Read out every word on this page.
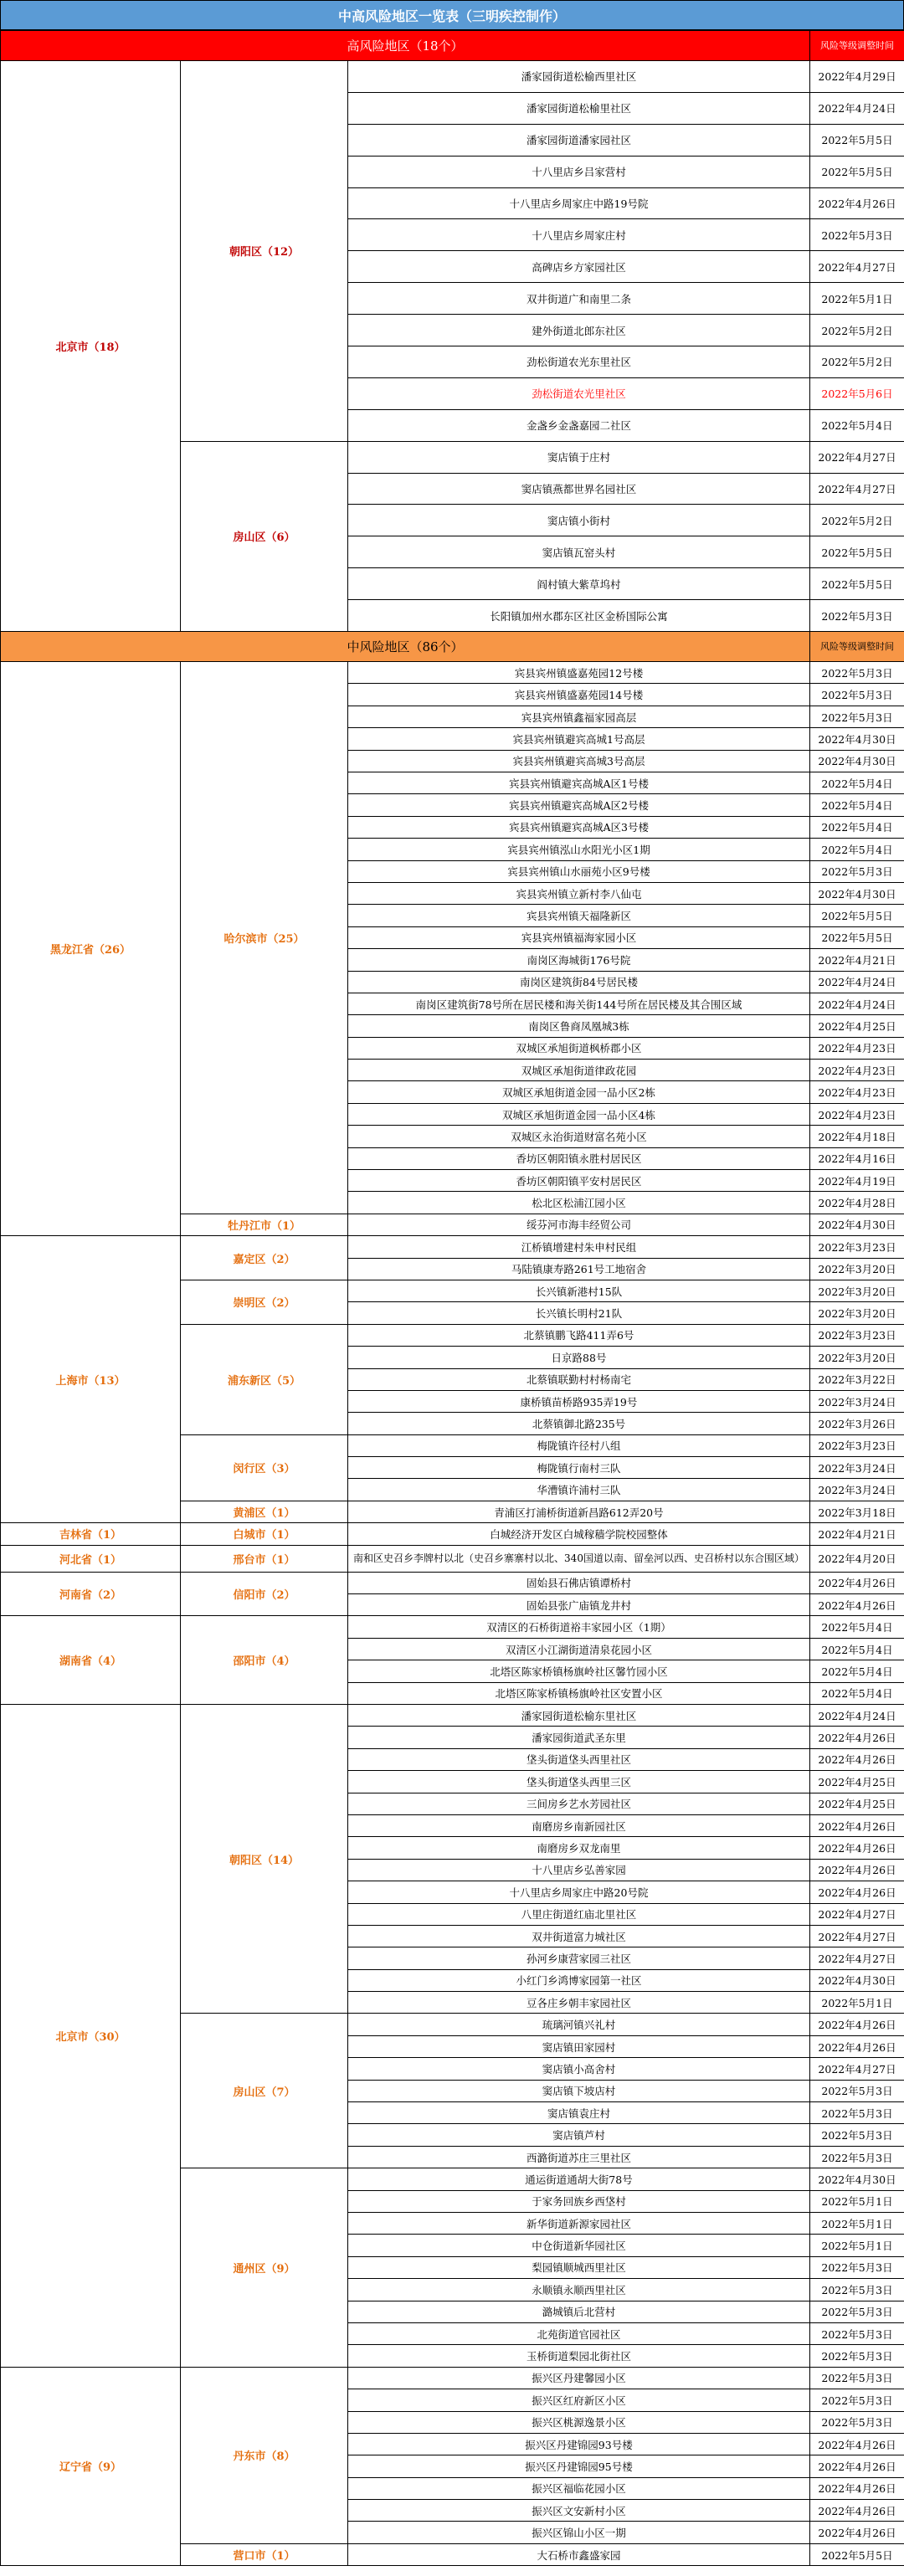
中高风险地区一览表（三明疾控制作）
高风险地区（18个）			风险等级调整时间
北京市（18）	朝阳区（12）	潘家园街道松榆西里社区	2022年4月29日
		潘家园街道松榆里社区	2022年4月24日
		潘家园街道潘家园社区	2022年5月5日
		十八里店乡吕家营村	2022年5月5日
		十八里店乡周家庄中路19号院	2022年4月26日
		十八里店乡周家庄村	2022年5月3日
		高碑店乡方家园社区	2022年4月27日
		双井街道广和南里二条	2022年5月1日
		建外街道北郎东社区	2022年5月2日
		劲松街道农光东里社区	2022年5月2日
		劲松街道农光里社区	2022年5月6日
		金盏乡金盏嘉园二社区	2022年5月4日
	房山区（6）	窦店镇于庄村	2022年4月27日
		窦店镇燕都世界名园社区	2022年4月27日
		窦店镇小街村	2022年5月2日
		窦店镇瓦窑头村	2022年5月5日
		阎村镇大紫草坞村	2022年5月5日
		长阳镇加州水郡东区社区金桥国际公寓	2022年5月3日
中风险地区（86个）			风险等级调整时间
黑龙江省（26）	哈尔滨市（25）	宾县宾州镇盛嘉苑园12号楼	2022年5月3日
		宾县宾州镇盛嘉苑园14号楼	2022年5月3日
		宾县宾州镇鑫福家园高层	2022年5月3日
		宾县宾州镇避宾高城1号高层	2022年4月30日
		宾县宾州镇避宾高城3号高层	2022年4月30日
		宾县宾州镇避宾高城A区1号楼	2022年5月4日
		宾县宾州镇避宾高城A区2号楼	2022年5月4日
		宾县宾州镇避宾高城A区3号楼	2022年5月4日
		宾县宾州镇泓山水阳光小区1期	2022年5月4日
		宾县宾州镇山水丽苑小区9号楼	2022年5月3日
		宾县宾州镇立新村李八仙屯	2022年4月30日
		宾县宾州镇天福隆新区	2022年5月5日
		宾县宾州镇福海家园小区	2022年5月5日
		南岗区海城街176号院	2022年4月21日
		南岗区建筑街84号居民楼	2022年4月24日
		南岗区建筑街78号所在居民楼和海关街144号所在居民楼及其合围区域	2022年4月24日
		南岗区鲁商凤凰城3栋	2022年4月25日
		双城区承旭街道枫桥郡小区	2022年4月23日
		双城区承旭街道律政花园	2022年4月23日
		双城区承旭街道金园一品小区2栋	2022年4月23日
		双城区承旭街道金园一品小区4栋	2022年4月23日
		双城区永治街道财富名苑小区	2022年4月18日
		香坊区朝阳镇永胜村居民区	2022年4月16日
		香坊区朝阳镇平安村居民区	2022年4月19日
		松北区松浦江园小区	2022年4月28日
	牡丹江市（1）	绥芬河市海丰经贸公司	2022年4月30日
上海市（13）	嘉定区（2）	江桥镇增建村朱申村民组	2022年3月23日
		马陆镇康寿路261号工地宿舍	2022年3月20日
	崇明区（2）	长兴镇新港村15队	2022年3月20日
		长兴镇长明村21队	2022年3月20日
	浦东新区（5）	北蔡镇鹏飞路411弄6号	2022年3月23日
		日京路88号	2022年3月20日
		北蔡镇联勤村村杨南宅	2022年3月22日
		康桥镇苗桥路935弄19号	2022年3月24日
		北蔡镇御北路235号	2022年3月26日
	闵行区（3）	梅陇镇许径村八组	2022年3月23日
		梅陇镇行南村三队	2022年3月24日
		华漕镇许浦村三队	2022年3月24日
	黄浦区（1）	青浦区打浦桥街道新昌路612弄20号	2022年3月18日
吉林省（1）	白城市（1）	白城经济开发区白城稼穑学院校园整体	2022年4月21日
河北省（1）	邢台市（1）	南和区史召乡李牌村以北（史召乡寨寨村以北、340国道以南、留垒河以西、史召桥村以东合围区域）	2022年4月20日
河南省（2）	信阳市（2）	固始县石佛店镇谭桥村	2022年4月26日
		固始县张广庙镇龙井村	2022年4月26日
湖南省（4）	邵阳市（4）	双清区的石桥街道裕丰家园小区（1期）	2022年5月4日
		双清区小江湖街道清泉花园小区	2022年5月4日
		北塔区陈家桥镇杨旗岭社区馨竹园小区	2022年5月4日
		北塔区陈家桥镇杨旗岭社区安置小区	2022年5月4日
北京市（30）	朝阳区（14）	潘家园街道松榆东里社区	2022年4月24日
		潘家园街道武圣东里	2022年4月26日
		垡头街道垡头西里社区	2022年4月26日
		垡头街道垡头西里三区	2022年4月25日
		三间房乡艺水芳园社区	2022年4月25日
		南磨房乡南新园社区	2022年4月26日
		南磨房乡双龙南里	2022年4月26日
		十八里店乡弘善家园	2022年4月26日
		十八里店乡周家庄中路20号院	2022年4月26日
		八里庄街道红庙北里社区	2022年4月27日
		双井街道富力城社区	2022年4月27日
		孙河乡康营家园三社区	2022年4月27日
		小红门乡鸿博家园第一社区	2022年4月30日
		豆各庄乡朝丰家园社区	2022年5月1日
	房山区（7）	琉璃河镇兴礼村	2022年4月26日
		窦店镇田家园村	2022年4月26日
		窦店镇小高舍村	2022年4月27日
		窦店镇下坡店村	2022年5月3日
		窦店镇袁庄村	2022年5月3日
		窦店镇芦村	2022年5月3日
		西潞街道苏庄三里社区	2022年5月3日
	通州区（9）	通运街道通胡大街78号	2022年4月30日
		于家务回族乡西垡村	2022年5月1日
		新华街道新源家园社区	2022年5月1日
		中仓街道新华园社区	2022年5月1日
		梨园镇顺城西里社区	2022年5月3日
		永顺镇永顺西里社区	2022年5月3日
		潞城镇后北营村	2022年5月3日
		北苑街道官园社区	2022年5月3日
		玉桥街道梨园北街社区	2022年5月3日
辽宁省（9）	丹东市（8）	振兴区丹建馨园小区	2022年5月3日
		振兴区红府新区小区	2022年5月3日
		振兴区桃源逸景小区	2022年5月3日
		振兴区丹建锦园93号楼	2022年4月26日
		振兴区丹建锦园95号楼	2022年4月26日
		振兴区福临花园小区	2022年4月26日
		振兴区文安新村小区	2022年4月26日
		振兴区锦山小区一期	2022年4月26日
	营口市（1）	大石桥市鑫盛家园	2022年5月5日
